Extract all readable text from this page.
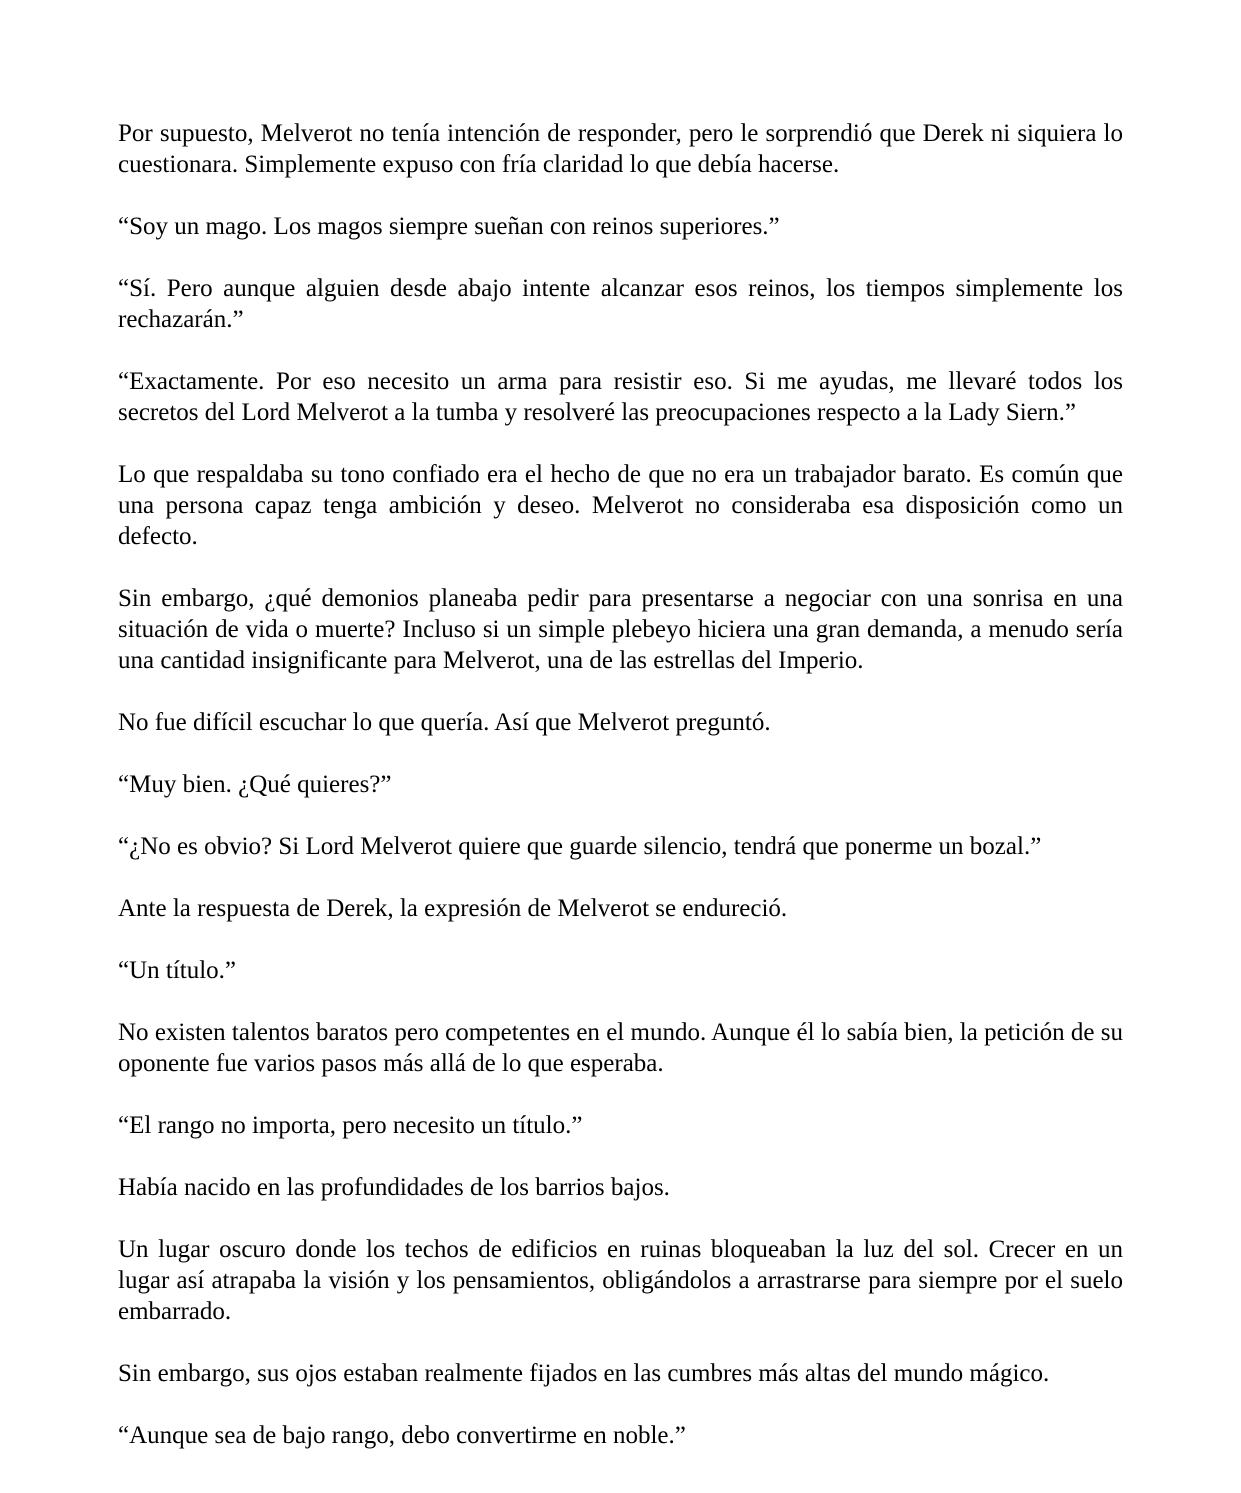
Por supuesto, Melverot no tenía intención de responder, pero le sorprendió que Derek ni siquiera lo cuestionara. Simplemente expuso con fría claridad lo que debía hacerse.

“Soy un mago. Los magos siempre sueñan con reinos superiores.”

“Sí. Pero aunque alguien desde abajo intente alcanzar esos reinos, los tiempos simplemente los rechazarán.”

“Exactamente. Por eso necesito un arma para resistir eso. Si me ayudas, me llevaré todos los secretos del Lord Melverot a la tumba y resolveré las preocupaciones respecto a la Lady Siern.”

Lo que respaldaba su tono confiado era el hecho de que no era un trabajador barato. Es común que una persona capaz tenga ambición y deseo. Melverot no consideraba esa disposición como un defecto.

Sin embargo, ¿qué demonios planeaba pedir para presentarse a negociar con una sonrisa en una situación de vida o muerte? Incluso si un simple plebeyo hiciera una gran demanda, a menudo sería una cantidad insignificante para Melverot, una de las estrellas del Imperio.

No fue difícil escuchar lo que quería. Así que Melverot preguntó.

“Muy bien. ¿Qué quieres?”

“¿No es obvio? Si Lord Melverot quiere que guarde silencio, tendrá que ponerme un bozal.”

Ante la respuesta de Derek, la expresión de Melverot se endureció.

“Un título.”

No existen talentos baratos pero competentes en el mundo. Aunque él lo sabía bien, la petición de su oponente fue varios pasos más allá de lo que esperaba.

“El rango no importa, pero necesito un título.”

Había nacido en las profundidades de los barrios bajos.

Un lugar oscuro donde los techos de edificios en ruinas bloqueaban la luz del sol. Crecer en un lugar así atrapaba la visión y los pensamientos, obligándolos a arrastrarse para siempre por el suelo embarrado.

Sin embargo, sus ojos estaban realmente fijados en las cumbres más altas del mundo mágico.

“Aunque sea de bajo rango, debo convertirme en noble.”
